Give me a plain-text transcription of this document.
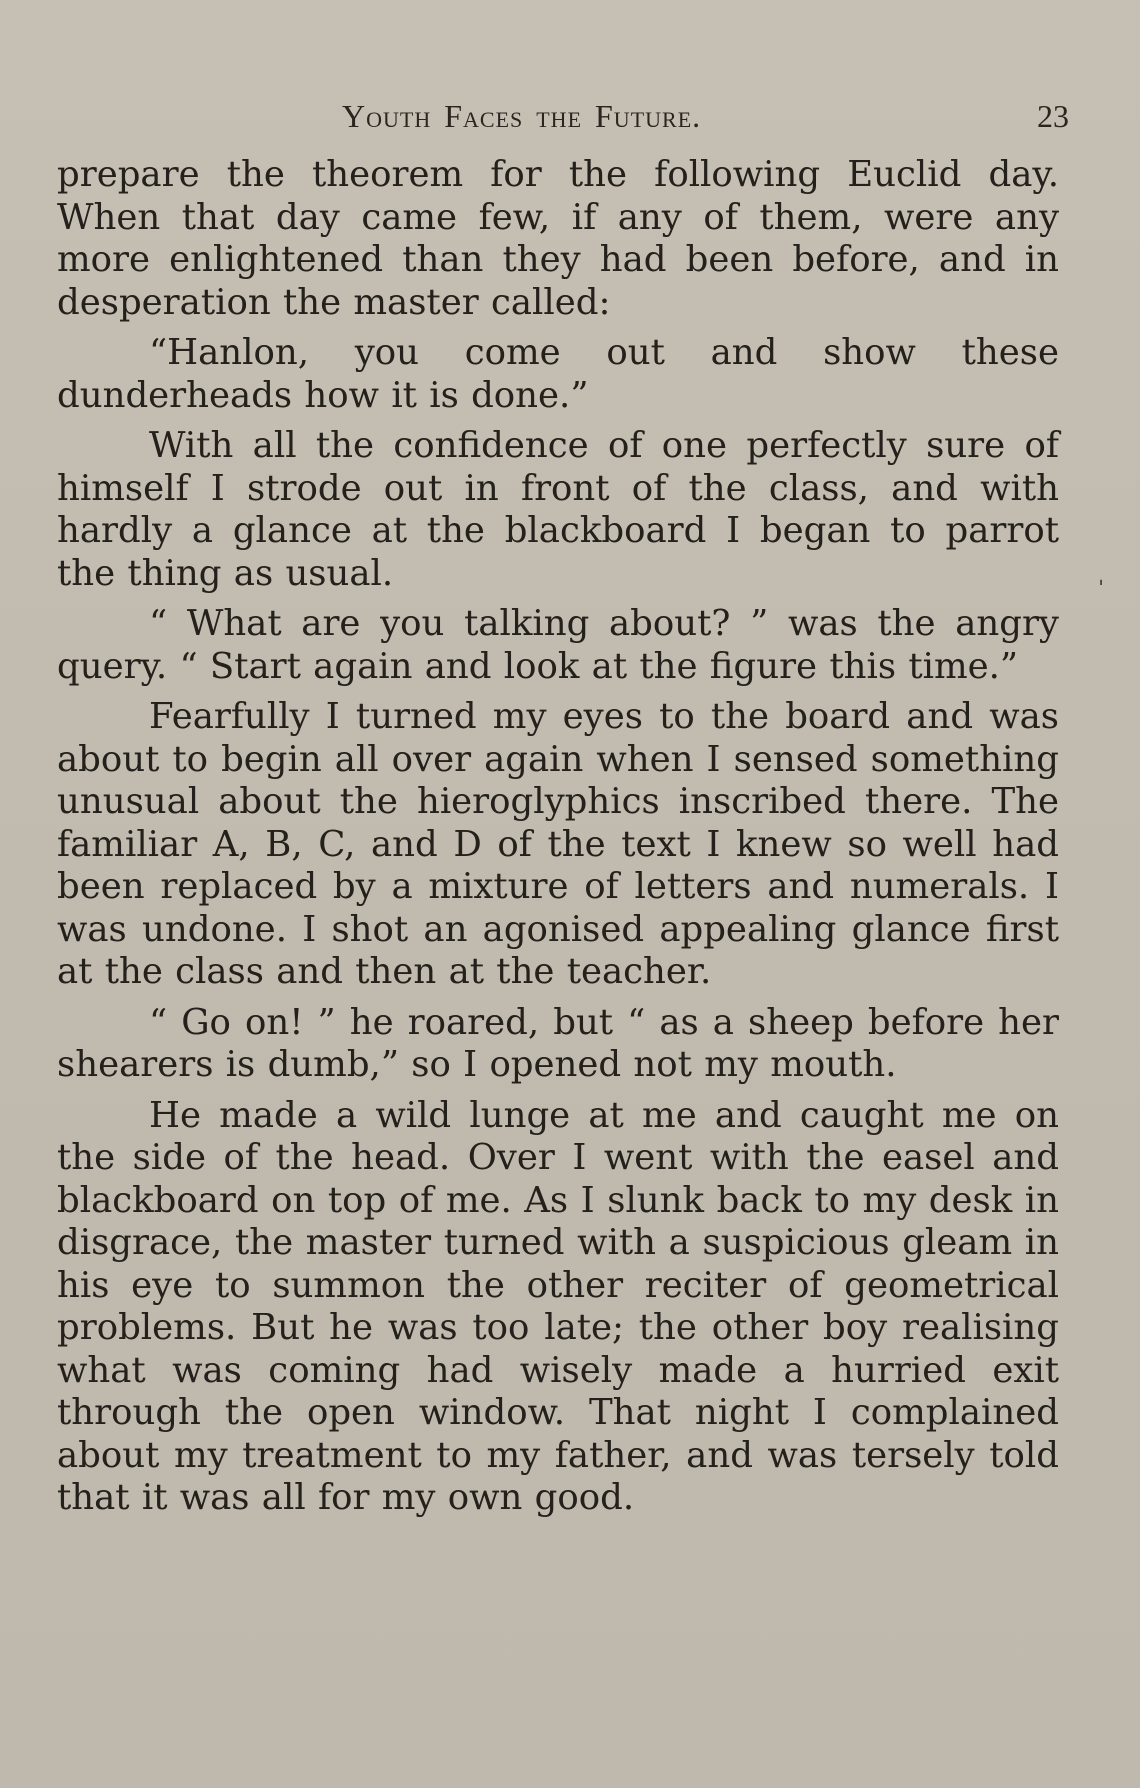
Youth Faces the Future.	23

prepare the theorem for the following Euclid day. When that day came few, if any of them, were any more enlightened than they had been before, and in desperation the master called:

“Hanlon, you come out and show these dunderheads how it is done.”

With all the confidence of one perfectly sure of himself I strode out in front of the class, and with hardly a glance at the blackboard I began to parrot the thing as usual.

“ What are you talking about? ” was the angry query. “ Start again and look at the figure this time.”

Fearfully I turned my eyes to the board and was about to begin all over again when I sensed something unusual about the hieroglyphics inscribed there. The familiar A, B, C, and D of the text I knew so well had been replaced by a mixture of letters and numerals. I was undone. I shot an agonised appealing glance first at the class and then at the teacher.

“ Go on! ” he roared, but “ as a sheep before her shearers is dumb,” so I opened not my mouth.

He made a wild lunge at me and caught me on the side of the head. Over I went with the easel and blackboard on top of me. As I slunk back to my desk in disgrace, the master turned with a suspicious gleam in his eye to summon the other reciter of geometrical problems. But he was too late; the other boy realising what was coming had wisely made a hurried exit through the open window. That night I complained about my treatment to my father, and was tersely told that it was all for my own good.

ˈ
